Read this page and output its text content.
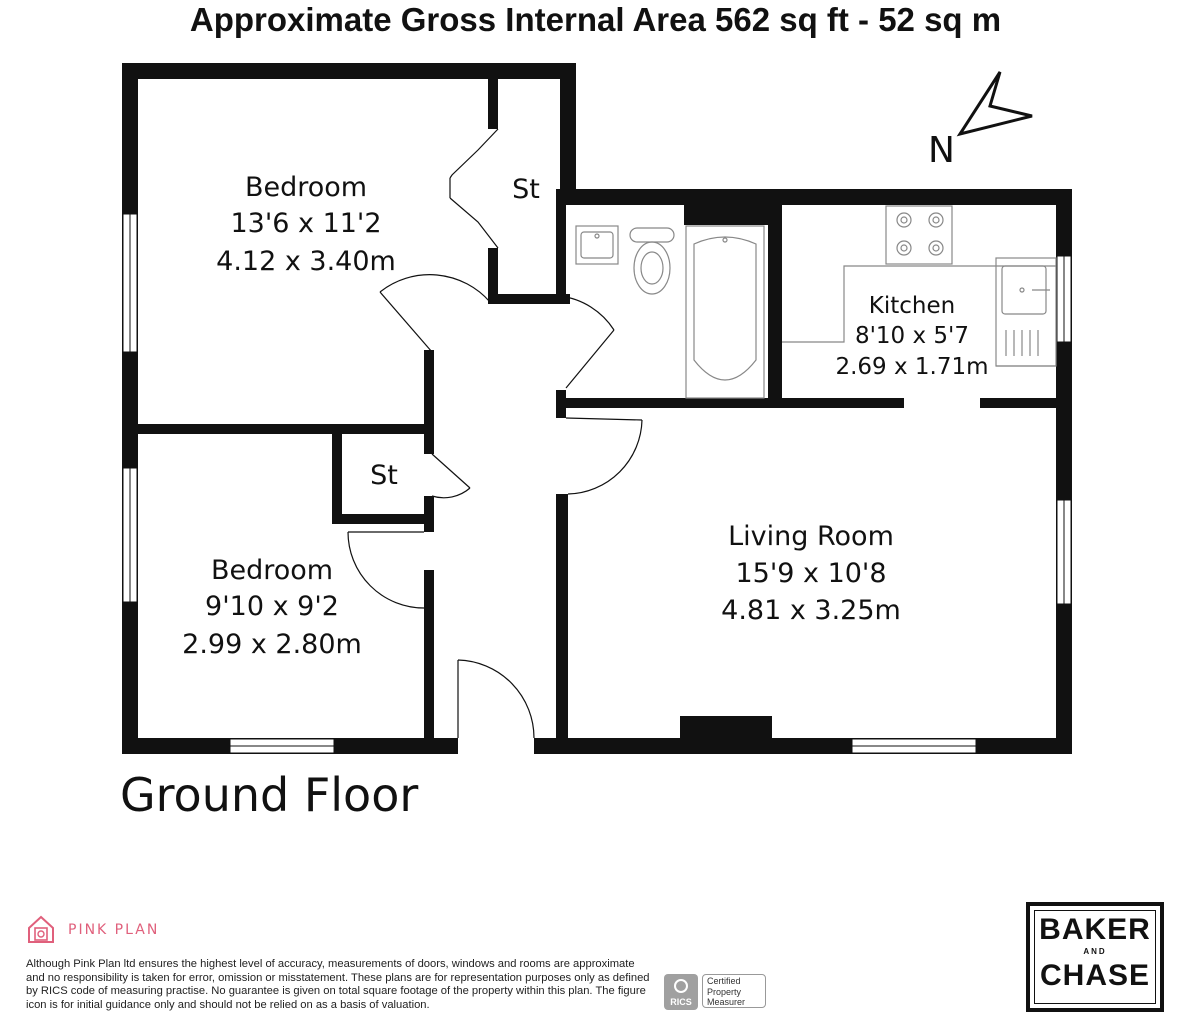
Approximate Gross Internal Area 562 sq ft - 52 sq m
N
Bedroom
13'6 x 11'2
4.12 x 3.40m
St
St
Bedroom
9'10 x 9'2
2.99 x 2.80m
Kitchen
8'10 x 5'7
2.69 x 1.71m
Living Room
15'9 x 10'8
4.81 x 3.25m
Ground Floor
PINK PLAN
Although Pink Plan ltd ensures the highest level of accuracy, measurements of doors, windows and rooms are approximate and no responsibility is taken for error, omission or misstatement. These plans are for representation purposes only as defined by RICS code of measuring practise. No guarantee is given on total square footage of the property within this plan. The figure icon is for initial guidance only and should not be relied on as a basis of valuation.	RICS
Certified
Property
Measurer
BAKER
AND
CHASE
